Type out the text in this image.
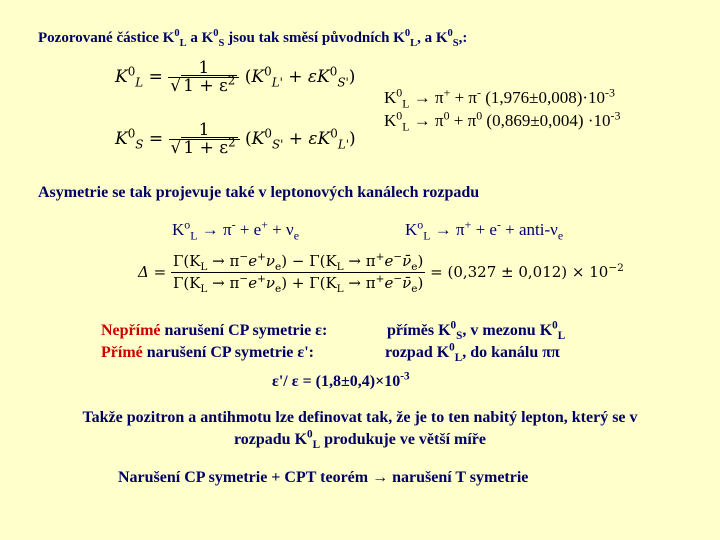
Pozorované částice $K^0_L$ a $K^0_S$ jsou tak směsí původních $K^0_L$, a $K^0_S$,:
$K^0_L = \frac{1}{√ 1 + \varepsilon^2} (K^0_{L'} + \varepsilon K^0_{S'})$
$K^0_S = \frac{1}{√ 1 + \varepsilon^2} (K^0_{S'} + \varepsilon K^0_{L'})$
$K^0_L \to \pi^+ + \pi^-$ $(1,976\pm 0,008)\cdot 10^{-3}$
$K^0_L \to \pi^0 + \pi^0$ $(0,869\pm 0,004) \cdot 10^{-3}$
Asymetrie se tak projevuje také v leptonových kanálech rozpadu
$K^o_L \to \pi^- + e^+ + \nu_e$	$K^o_L \to \pi^+ + e^-$ + anti-$\nu_e$
$\Delta = \frac{\Gamma(K_L \to \pi^-e^+\nu_e) - \Gamma(K_L \to \pi^+e^-\nū_e)}{\Gamma(K_L \to \pi^-e^+\nu_e) + \Gamma(K_L \to \pi^+e^-\nū_e)} = (0,327 \pm 0,012) \times 10^{-2}$
Nepřímé narušení CP symetrie ε:	příměs $K^0_S$, v mezonu $K^0_L$
Přímé narušení CP symetrie ε':	rozpad $K^0_L$, do kanálu ππ
ε'/ $\varepsilon = (1,8\pm 0,4)\times 10^{-3}$
Takže pozitron a antihmotu lze definovat tak, že je to ten nabitý lepton, který se v
rozpadu $K^0_L$ produkuje ve větší míře
Narušení CP symetrie + CPT teorém → narušení T symetrie
